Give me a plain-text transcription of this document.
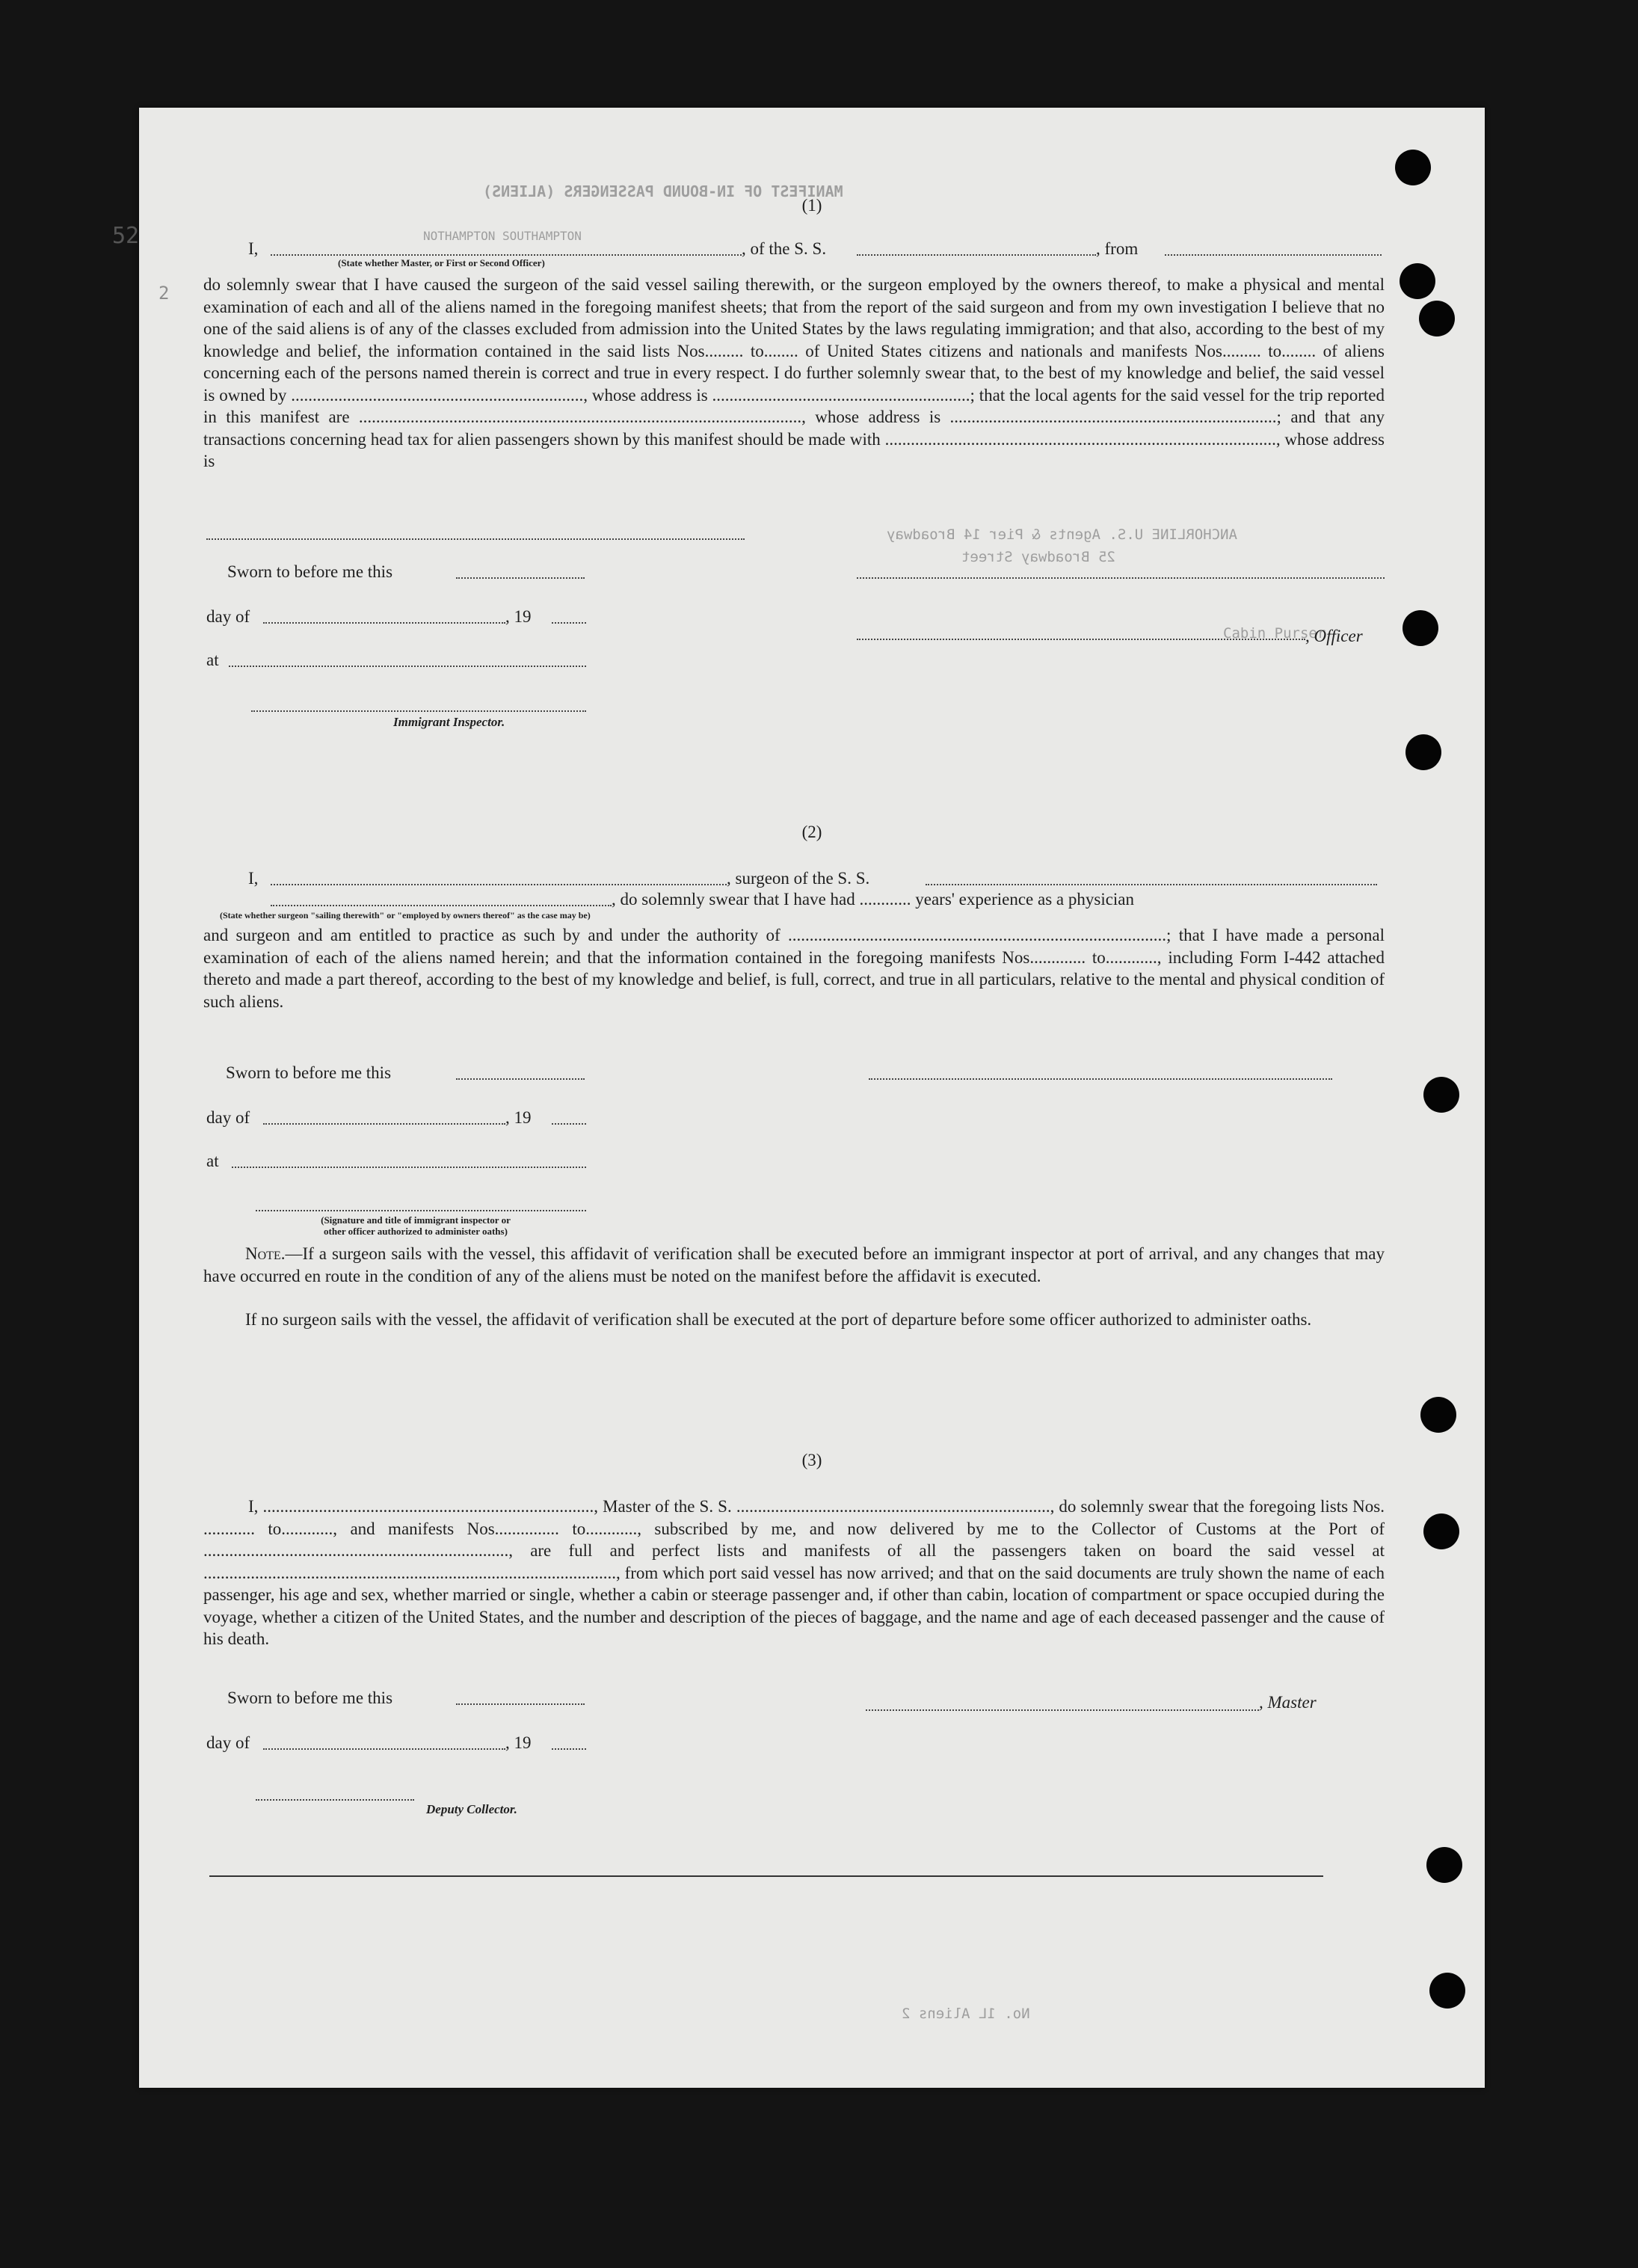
MANIFEST OF IN-BOUND PASSENGERS (ALIENS)
NOTHAMPTON SOUTHAMPTON
ANCHORLINE U.S. Agents & Pier 14 Broadway
25 Broadway Street
Cabin Purser
No. 1L Aliens 2
(1)
I,	, of the S. S.	, from
(State whether Master, or First or Second Officer)
do solemnly swear that I have caused the surgeon of the said vessel sailing therewith, or the surgeon employed by the owners thereof, to make a physical and mental examination of each and all of the aliens named in the foregoing manifest sheets; that from the report of the said surgeon and from my own investigation I believe that no one of the said aliens is of any of the classes excluded from admission into the United States by the laws regulating immigration; and that also, according to the best of my knowledge and belief, the information contained in the said lists Nos......... to........ of United States citizens and nationals and manifests Nos......... to........ of aliens concerning each of the persons named therein is correct and true in every respect. I do further solemnly swear that, to the best of my knowledge and belief, the said vessel is owned by ...................................................................., whose address is ............................................................; that the local agents for the said vessel for the trip reported in this manifest are ......................................................................................................., whose address is ............................................................................; and that any transactions concerning head tax for alien passengers shown by this manifest should be made with ..........................................................................................., whose address is
Sworn to before me this
day of	, 19
, Officer
at
Immigrant Inspector.
(2)
I,	, surgeon of the S. S.
, do solemnly swear that I have had ............ years' experience as a physician
(State whether surgeon "sailing therewith" or "employed by owners thereof" as the case may be)
and surgeon and am entitled to practice as such by and under the authority of ........................................................................................; that I have made a personal examination of each of the aliens named herein; and that the information contained in the foregoing manifests Nos............. to............, including Form I-442 attached thereto and made a part thereof, according to the best of my knowledge and belief, is full, correct, and true in all particulars, relative to the mental and physical condition of such aliens.
Sworn to before me this
day of	, 19
at
(Signature and title of immigrant inspector or
other officer authorized to administer oaths)
Note.—If a surgeon sails with the vessel, this affidavit of verification shall be executed before an immigrant inspector at port of arrival, and any changes that may have occurred en route in the condition of any of the aliens must be noted on the manifest before the affidavit is executed.
If no surgeon sails with the vessel, the affidavit of verification shall be executed at the port of departure before some officer authorized to administer oaths.
(3)
I, ............................................................................., Master of the S. S. ........................................................................., do solemnly swear that the foregoing lists Nos. ............ to............, and manifests Nos............... to............, subscribed by me, and now delivered by me to the Collector of Customs at the Port of ......................................................................., are full and perfect lists and manifests of all the passengers taken on board the said vessel at ................................................................................................, from which port said vessel has now arrived; and that on the said documents are truly shown the name of each passenger, his age and sex, whether married or single, whether a cabin or steerage passenger and, if other than cabin, location of compartment or space occupied during the voyage, whether a citizen of the United States, and the number and description of the pieces of baggage, and the name and age of each deceased passenger and the cause of his death.
Sworn to before me this	, Master
day of	, 19
Deputy Collector.
52
2
